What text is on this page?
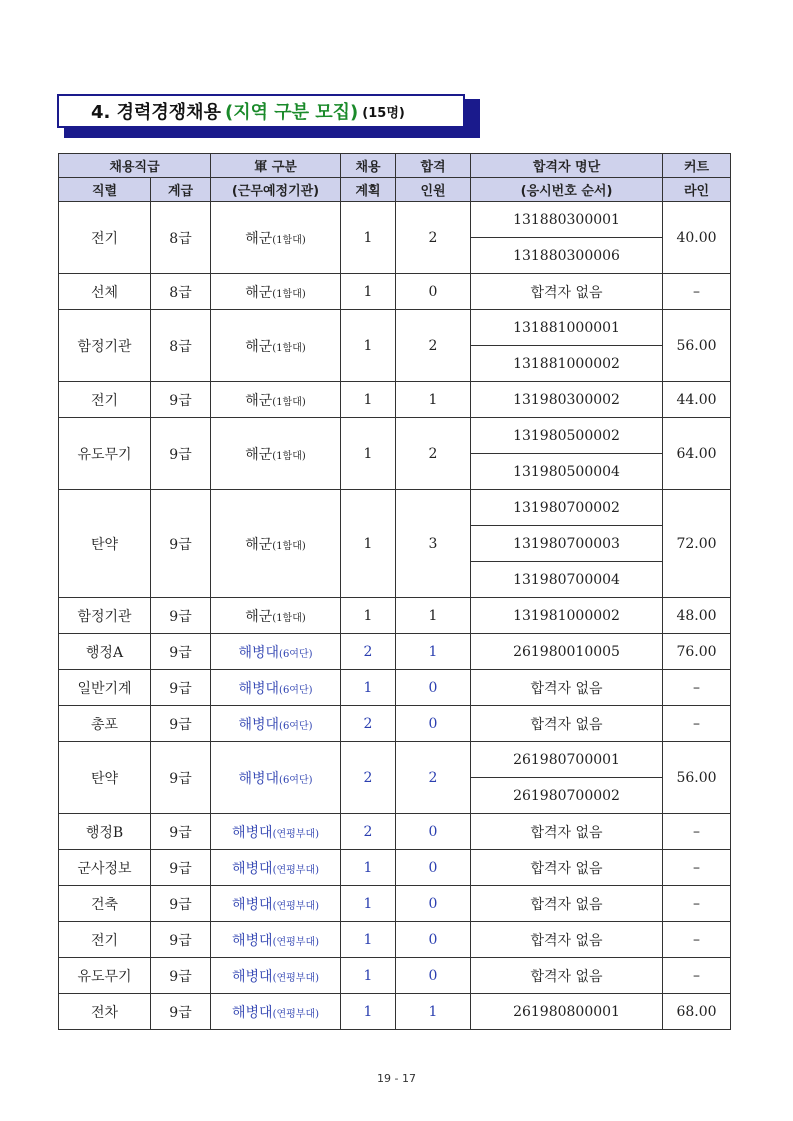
4. 경력경쟁채용 (지역 구분 모집) (15명)
채용직급		軍 구분	채용	합격	합격자 명단	커트
직렬	계급	(근무예정기관)	계획	인원	(응시번호 순서)	라인
전기	8급	해군(1함대)	1	2	131880300001	40.00
					131880300006	
선체	8급	해군(1함대)	1	0	합격자 없음	–
함정기관	8급	해군(1함대)	1	2	131881000001	56.00
					131881000002	
전기	9급	해군(1함대)	1	1	131980300002	44.00
유도무기	9급	해군(1함대)	1	2	131980500002	64.00
					131980500004	
탄약	9급	해군(1함대)	1	3	131980700002	72.00
					131980700003	
					131980700004	
함정기관	9급	해군(1함대)	1	1	131981000002	48.00
행정A	9급	해병대(6여단)	2	1	261980010005	76.00
일반기계	9급	해병대(6여단)	1	0	합격자 없음	–
총포	9급	해병대(6여단)	2	0	합격자 없음	–
탄약	9급	해병대(6여단)	2	2	261980700001	56.00
					261980700002	
행정B	9급	해병대(연평부대)	2	0	합격자 없음	–
군사정보	9급	해병대(연평부대)	1	0	합격자 없음	–
건축	9급	해병대(연평부대)	1	0	합격자 없음	–
전기	9급	해병대(연평부대)	1	0	합격자 없음	–
유도무기	9급	해병대(연평부대)	1	0	합격자 없음	–
전차	9급	해병대(연평부대)	1	1	261980800001	68.00
19 - 17
